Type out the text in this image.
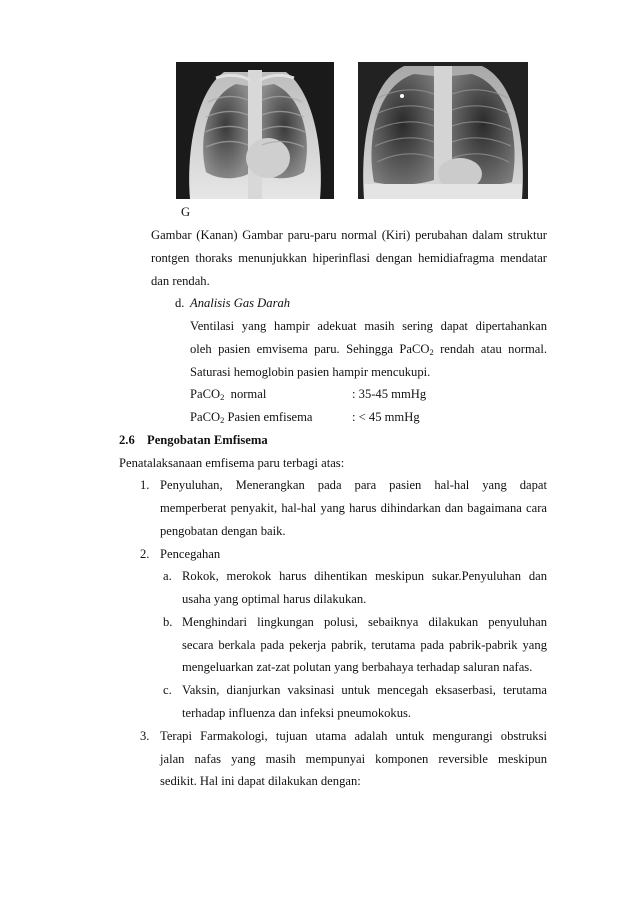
G
Gambar (Kanan) Gambar paru-paru normal (Kiri) perubahan dalam struktur
rontgen thoraks menunjukkan hiperinflasi dengan hemidiafragma mendatar
dan rendah.
d. Analisis Gas Darah
Ventilasi yang hampir adekuat masih sering dapat dipertahankan
oleh pasien emvisema paru. Sehingga PaCO$_2$ rendah atau normal.
Saturasi hemoglobin pasien hampir mencukupi.
PaCO$_2$  normal	: 35-45 mmHg
PaCO$_2$ Pasien emfisema	: < 45 mmHg
2.6 Pengobatan Emfisema
Penatalaksanaan emfisema paru terbagi atas:
1. Penyuluhan, Menerangkan pada para pasien hal-hal yang dapat
memperberat penyakit, hal-hal yang harus dihindarkan dan bagaimana cara
pengobatan dengan baik.
2. Pencegahan
a. Rokok, merokok harus dihentikan meskipun sukar.Penyuluhan dan
usaha yang optimal harus dilakukan.
b. Menghindari lingkungan polusi, sebaiknya dilakukan penyuluhan
secara berkala pada pekerja pabrik, terutama pada pabrik-pabrik yang
mengeluarkan zat-zat polutan yang berbahaya terhadap saluran nafas.
c. Vaksin, dianjurkan vaksinasi untuk mencegah eksaserbasi, terutama
terhadap influenza dan infeksi pneumokokus.
3. Terapi Farmakologi, tujuan utama adalah untuk mengurangi obstruksi
jalan nafas yang masih mempunyai komponen reversible meskipun
sedikit. Hal ini dapat dilakukan dengan:
